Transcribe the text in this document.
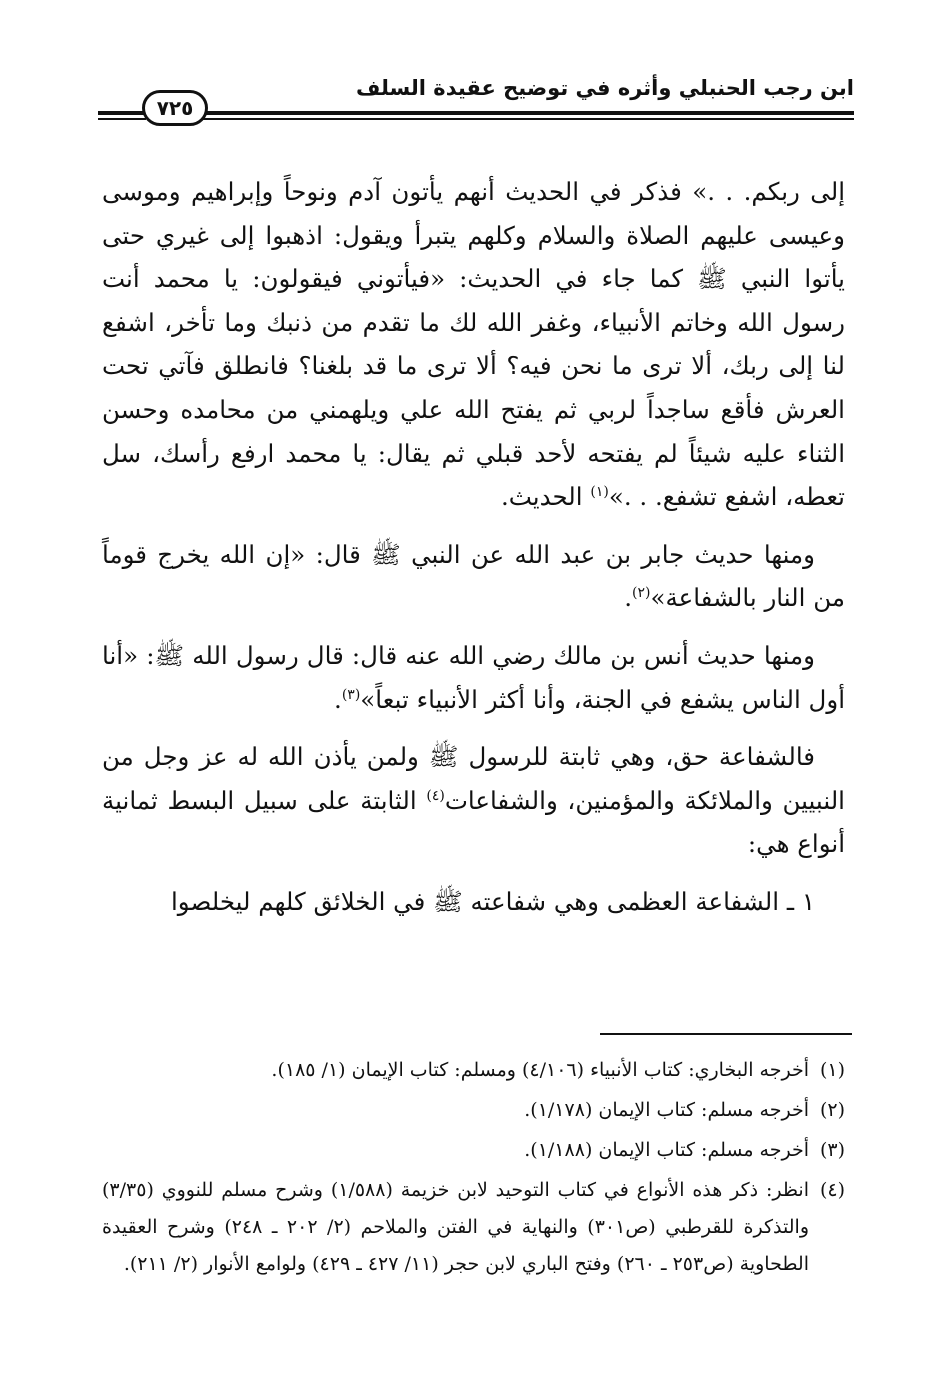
ابن رجب الحنبلي وأثره في توضيح عقيدة السلف
٧٢٥

إلى ربكم. . .» فذكر في الحديث أنهم يأتون آدم ونوحاً وإبراهيم وموسى وعيسى عليهم الصلاة والسلام وكلهم يتبرأ ويقول: اذهبوا إلى غيري حتى يأتوا النبي ﷺ كما جاء في الحديث: «فيأتوني فيقولون: يا محمد أنت رسول الله وخاتم الأنبياء، وغفر الله لك ما تقدم من ذنبك وما تأخر، اشفع لنا إلى ربك، ألا ترى ما نحن فيه؟ ألا ترى ما قد بلغنا؟ فانطلق فآتي تحت العرش فأقع ساجداً لربي ثم يفتح الله علي ويلهمني من محامده وحسن الثناء عليه شيئاً لم يفتحه لأحد قبلي ثم يقال: يا محمد ارفع رأسك، سل تعطه، اشفع تشفع. . .»$^{(١)}$ الحديث.

ومنها حديث جابر بن عبد الله عن النبي ﷺ قال: «إن الله يخرج قوماً من النار بالشفاعة»$^{(٢)}$.

ومنها حديث أنس بن مالك رضي الله عنه قال: قال رسول الله ﷺ: «أنا أول الناس يشفع في الجنة، وأنا أكثر الأنبياء تبعاً»$^{(٣)}$.

فالشفاعة حق، وهي ثابتة للرسول ﷺ ولمن يأذن الله له عز وجل من النبيين والملائكة والمؤمنين، والشفاعات$^{(٤)}$ الثابتة على سبيل البسط ثمانية أنواع هي:

١ ـ الشفاعة العظمى وهي شفاعته ﷺ في الخلائق كلهم ليخلصوا

(١)
أخرجه البخاري: كتاب الأنبياء (٤/١٠٦) ومسلم: كتاب الإيمان (١/ ١٨٥).
(٢)
أخرجه مسلم: كتاب الإيمان (١/١٧٨).
(٣)
أخرجه مسلم: كتاب الإيمان (١/١٨٨).
(٤)
انظر: ذكر هذه الأنواع في كتاب التوحيد لابن خزيمة (١/٥٨٨) وشرح مسلم للنووي (٣/٣٥) والتذكرة للقرطبي (ص٣٠١) والنهاية في الفتن والملاحم (٢/ ٢٠٢ ـ ٢٤٨) وشرح العقيدة الطحاوية (ص٢٥٣ ـ ٢٦٠) وفتح الباري لابن حجر (١١/ ٤٢٧ ـ ٤٢٩) ولوامع الأنوار (٢/ ٢١١).
